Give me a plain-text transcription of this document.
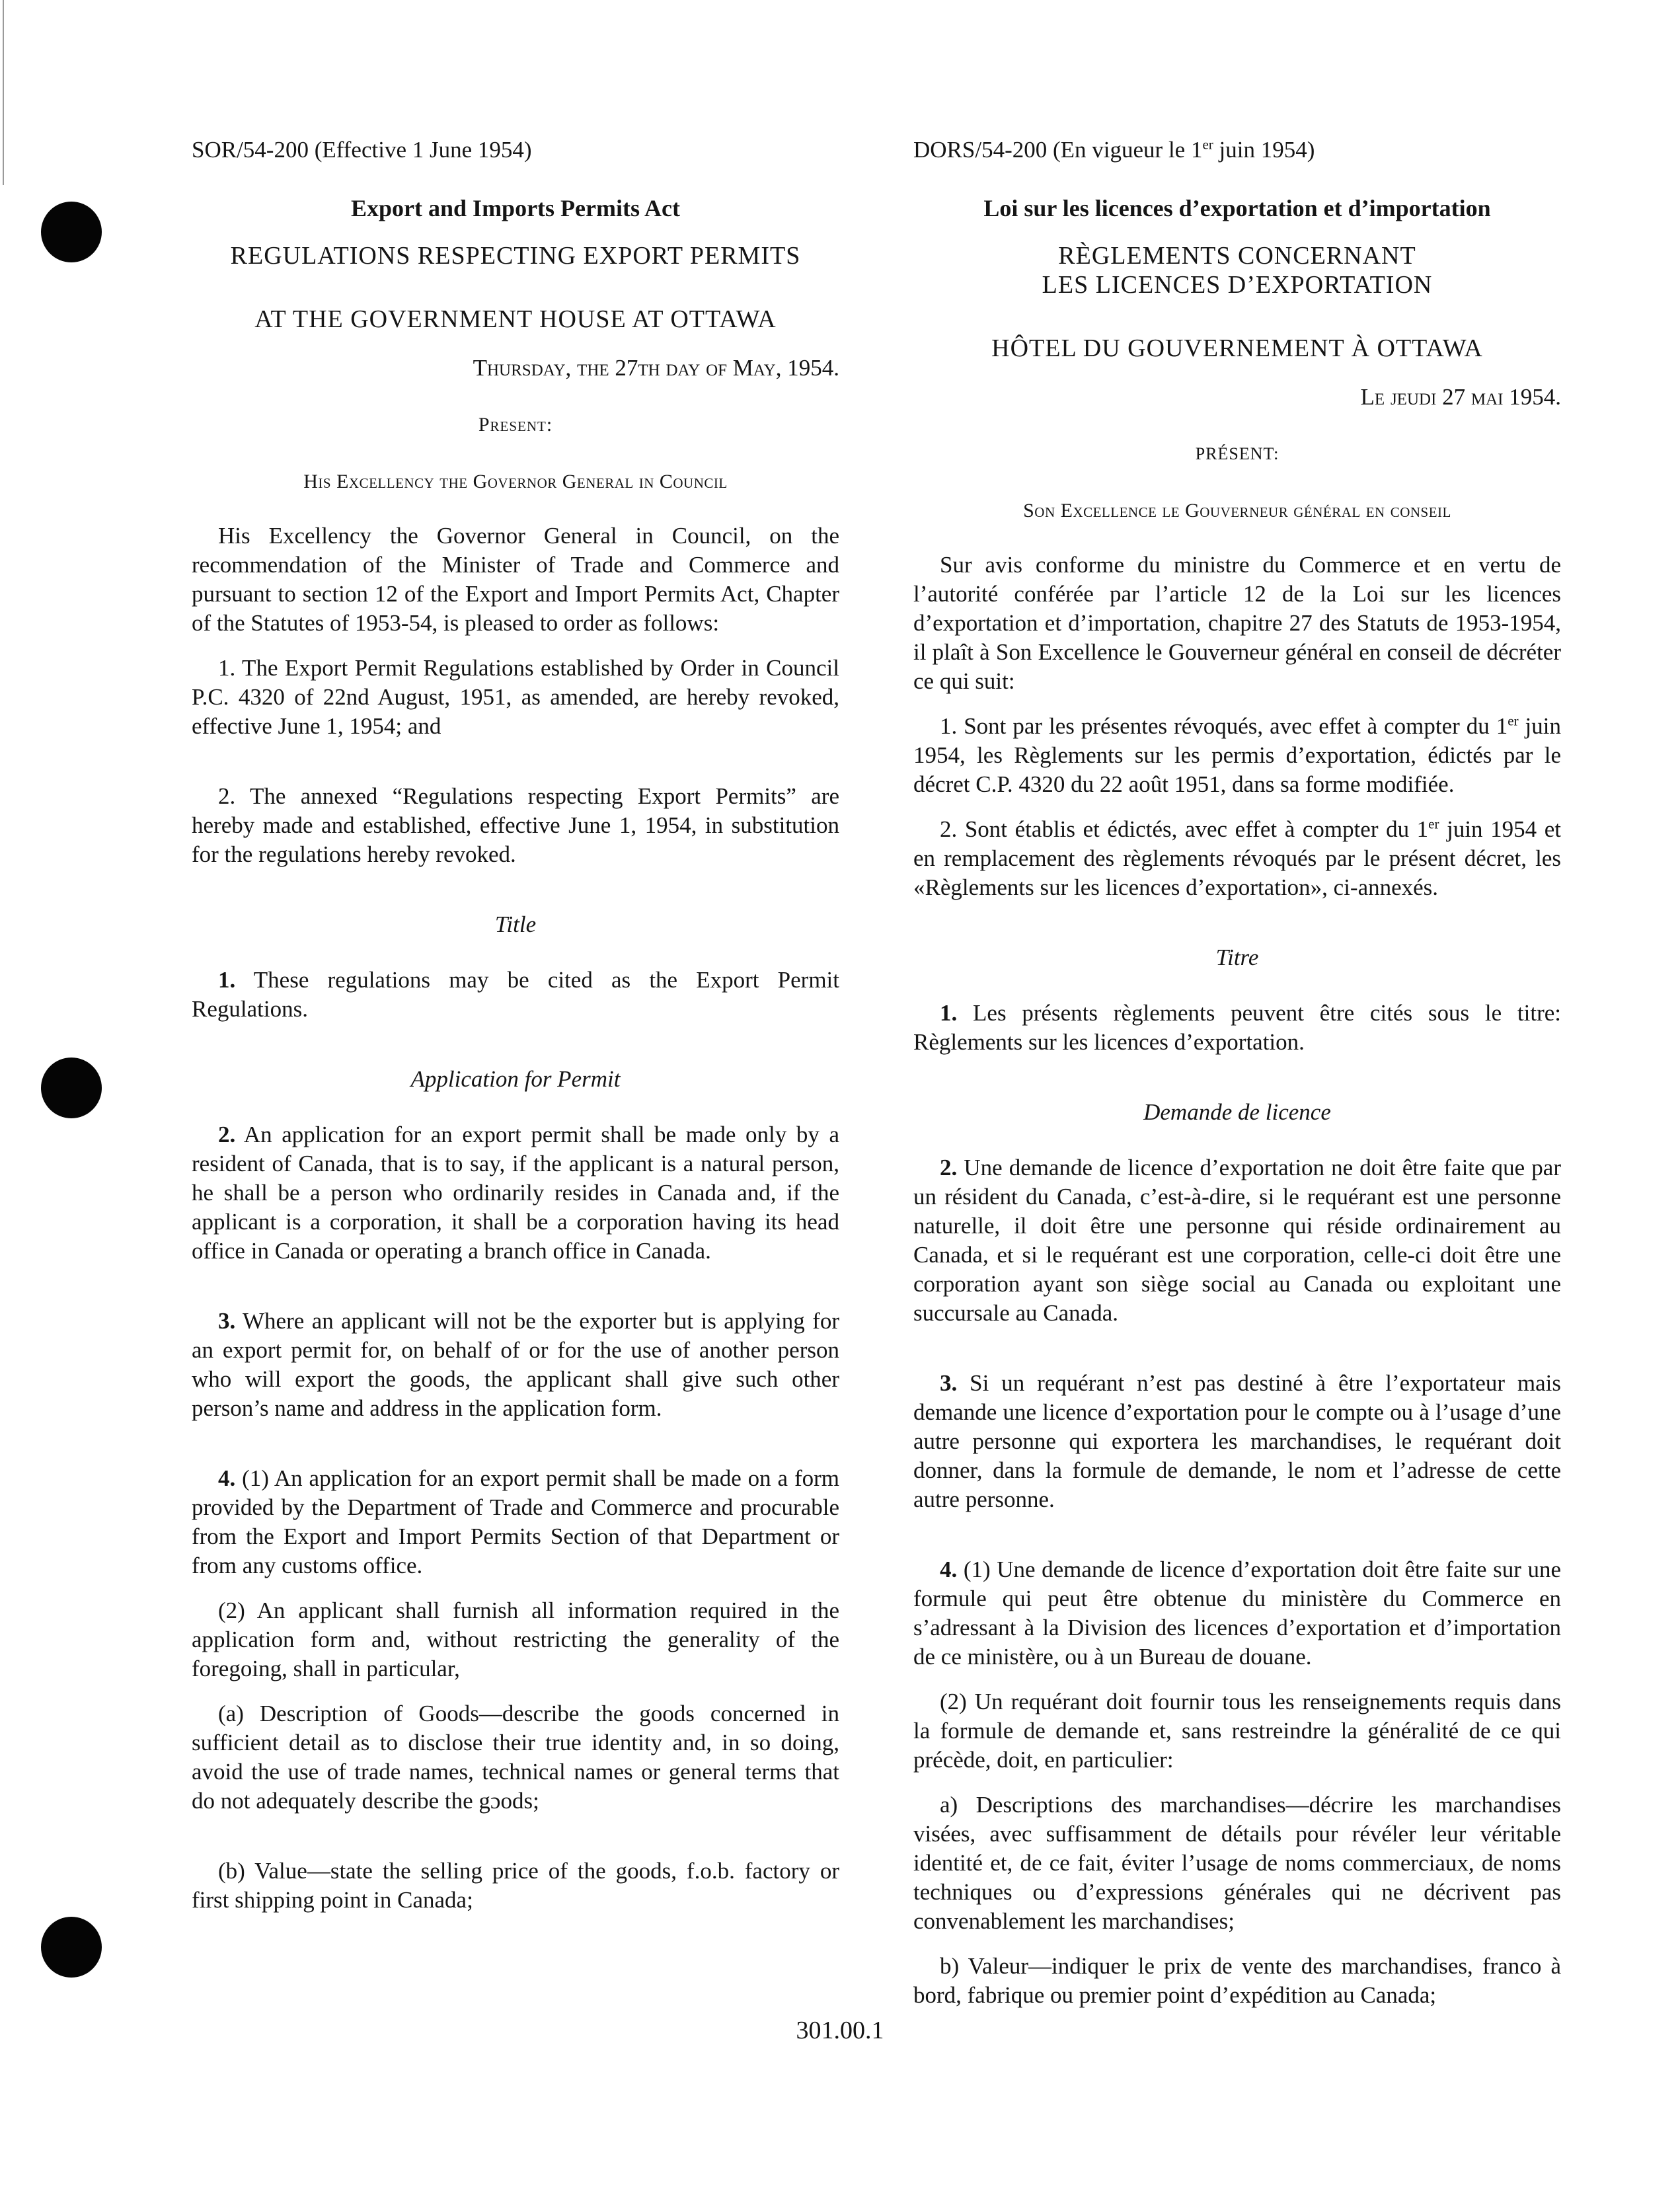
SOR/54-200 (Effective 1 June 1954)
Export and Imports Permits Act
REGULATIONS RESPECTING EXPORT PERMITS
AT THE GOVERNMENT HOUSE AT OTTAWA
Thursday, the 27th day of May, 1954.
Present:
His Excellency the Governor General in Council

His Excellency the Governor General in Council, on the recommendation of the Minister of Trade and Commerce and pursuant to section 12 of the Export and Import Permits Act, Chapter of the Statutes of 1953-54, is pleased to order as follows:

1. The Export Permit Regulations established by Order in Council P.C. 4320 of 22nd August, 1951, as amended, are hereby revoked, effective June 1, 1954; and

2. The annexed “Regulations respecting Export Permits” are hereby made and established, effective June 1, 1954, in substitution for the regulations hereby revoked.

Title

1. These regulations may be cited as the Export Permit Regulations.

Application for Permit

2. An application for an export permit shall be made only by a resident of Canada, that is to say, if the applicant is a natural person, he shall be a person who ordinarily resides in Canada and, if the applicant is a corporation, it shall be a corporation having its head office in Canada or operating a branch office in Canada.

3. Where an applicant will not be the exporter but is applying for an export permit for, on behalf of or for the use of another person who will export the goods, the applicant shall give such other person’s name and address in the application form.

4. (1) An application for an export permit shall be made on a form provided by the Department of Trade and Commerce and procurable from the Export and Import Permits Section of that Department or from any customs office.

(2) An applicant shall furnish all information required in the application form and, without restricting the generality of the foregoing, shall in particular,

(a) Description of Goods—describe the goods concerned in sufficient detail as to disclose their true identity and, in so doing, avoid the use of trade names, technical names or general terms that do not adequately describe the gɔods;

(b) Value—state the selling price of the goods, f.o.b. factory or first shipping point in Canada;

DORS/54-200 (En vigueur le 1er juin 1954)
Loi sur les licences d’exportation et d’importation
RÈGLEMENTS CONCERNANT
LES LICENCES D’EXPORTATION
HÔTEL DU GOUVERNEMENT À OTTAWA
Le jeudi 27 mai 1954.
PRÉSENT:
Son Excellence le Gouverneur général en conseil

Sur avis conforme du ministre du Commerce et en vertu de l’autorité conférée par l’article 12 de la Loi sur les licences d’exportation et d’importation, chapitre 27 des Statuts de 1953-1954, il plaît à Son Excellence le Gouverneur général en conseil de décréter ce qui suit:

1. Sont par les présentes révoqués, avec effet à compter du 1er juin 1954, les Règlements sur les permis d’exportation, édictés par le décret C.P. 4320 du 22 août 1951, dans sa forme modifiée.

2. Sont établis et édictés, avec effet à compter du 1er juin 1954 et en remplacement des règlements révoqués par le présent décret, les «Règlements sur les licences d’exportation», ci-annexés.

Titre

1. Les présents règlements peuvent être cités sous le titre: Règlements sur les licences d’exportation.

Demande de licence

2. Une demande de licence d’exportation ne doit être faite que par un résident du Canada, c’est-à-dire, si le requérant est une personne naturelle, il doit être une personne qui réside ordinairement au Canada, et si le requérant est une corporation, celle-ci doit être une corporation ayant son siège social au Canada ou exploitant une succursale au Canada.

3. Si un requérant n’est pas destiné à être l’exportateur mais demande une licence d’exportation pour le compte ou à l’usage d’une autre personne qui exportera les marchandises, le requérant doit donner, dans la formule de demande, le nom et l’adresse de cette autre personne.

4. (1) Une demande de licence d’exportation doit être faite sur une formule qui peut être obtenue du ministère du Commerce en s’adressant à la Division des licences d’exportation et d’importation de ce ministère, ou à un Bureau de douane.

(2) Un requérant doit fournir tous les renseignements requis dans la formule de demande et, sans restreindre la généralité de ce qui précède, doit, en particulier:

a) Descriptions des marchandises—décrire les marchandises visées, avec suffisamment de détails pour révéler leur véritable identité et, de ce fait, éviter l’usage de noms commerciaux, de noms techniques ou d’expressions générales qui ne décrivent pas convenablement les marchandises;

b) Valeur—indiquer le prix de vente des marchandises, franco à bord, fabrique ou premier point d’expédition au Canada;

301.00.1
